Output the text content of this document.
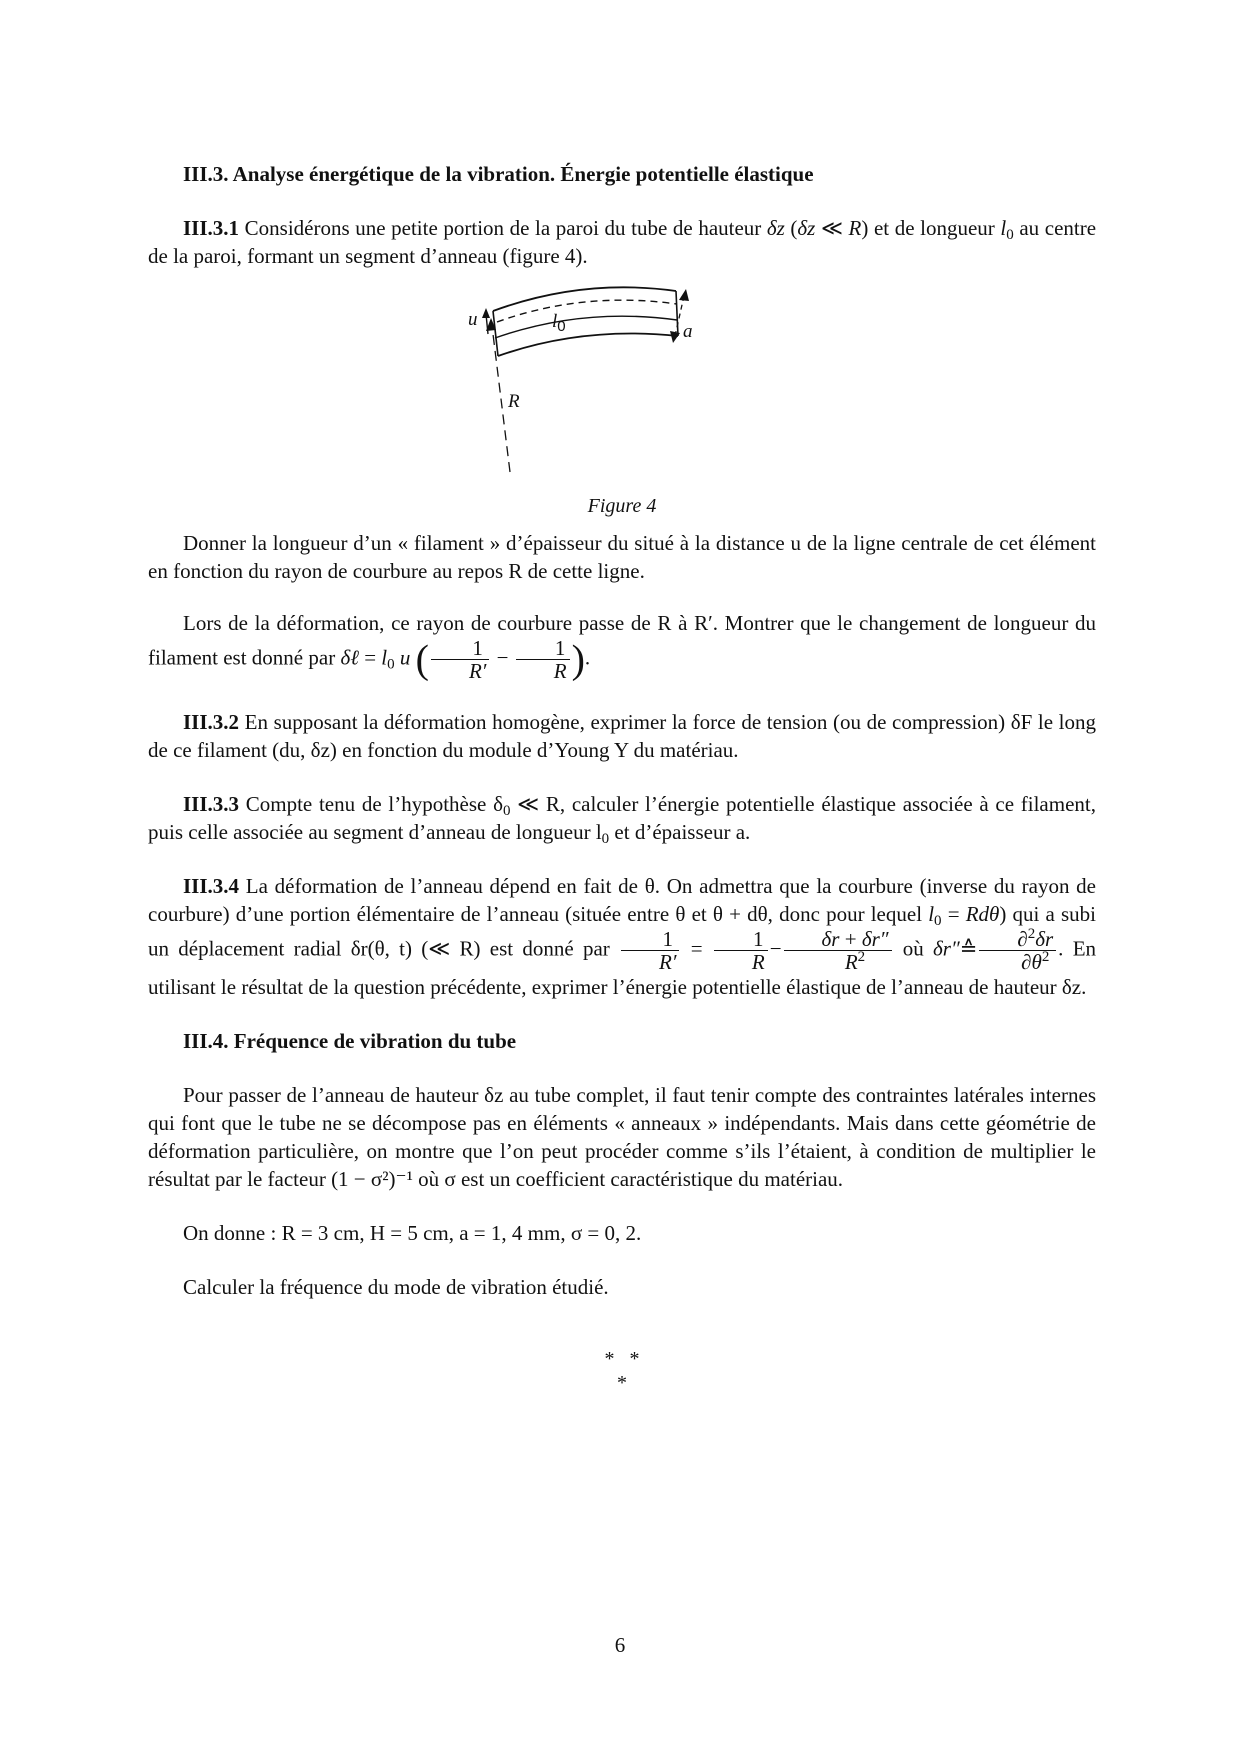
III.3. Analyse énergétique de la vibration. Énergie potentielle élastique

III.3.1 Considérons une petite portion de la paroi du tube de hauteur δz (δz ≪ R) et de longueur $l_0$ au centre de la paroi, formant un segment d’anneau (figure 4).

u	$l_0$	a
R
Figure 4

Donner la longueur d’un « filament » d’épaisseur du situé à la distance u de la ligne centrale de cet élément en fonction du rayon de courbure au repos R de cette ligne.

Lors de la déformation, ce rayon de courbure passe de R à R′. Montrer que le changement de longueur du filament est donné par δℓ = $l_0$ u ( $\frac{1}{R'} - \frac{1}{R}$ ).

III.3.2 En supposant la déformation homogène, exprimer la force de tension (ou de compression) δF le long de ce filament (du, δz) en fonction du module d’Young Y du matériau.

III.3.3 Compte tenu de l’hypothèse $\delta_0$ ≪ R, calculer l’énergie potentielle élastique associée à ce filament, puis celle associée au segment d’anneau de longueur $l_0$ et d’épaisseur a.

III.3.4 La déformation de l’anneau dépend en fait de θ. On admettra que la courbure (inverse du rayon de courbure) d’une portion élémentaire de l’anneau (située entre θ et θ + dθ, donc pour lequel $l_0 = Rd\theta$) qui a subi un déplacement radial δr(θ, t) (≪ R) est donné par $\frac{1}{R'} = \frac{1}{R} - \frac{\delta r + \delta r''}{R^2}$ où δr″≙ $\frac{\partial^2\delta r}{\partial\theta^2}$ . En utilisant le résultat de la question précédente, exprimer l’énergie potentielle élastique de l’anneau de hauteur δz.

III.4. Fréquence de vibration du tube

Pour passer de l’anneau de hauteur δz au tube complet, il faut tenir compte des contraintes latérales internes qui font que le tube ne se décompose pas en éléments « anneaux » indépendants. Mais dans cette géométrie de déformation particulière, on montre que l’on peut procéder comme s’ils l’étaient, à condition de multiplier le résultat par le facteur (1 − σ²)⁻¹ où σ est un coefficient caractéristique du matériau.

On donne : R = 3 cm, H = 5 cm, a = 1, 4 mm, σ = 0, 2.

Calculer la fréquence du mode de vibration étudié.

*   *
*
6
